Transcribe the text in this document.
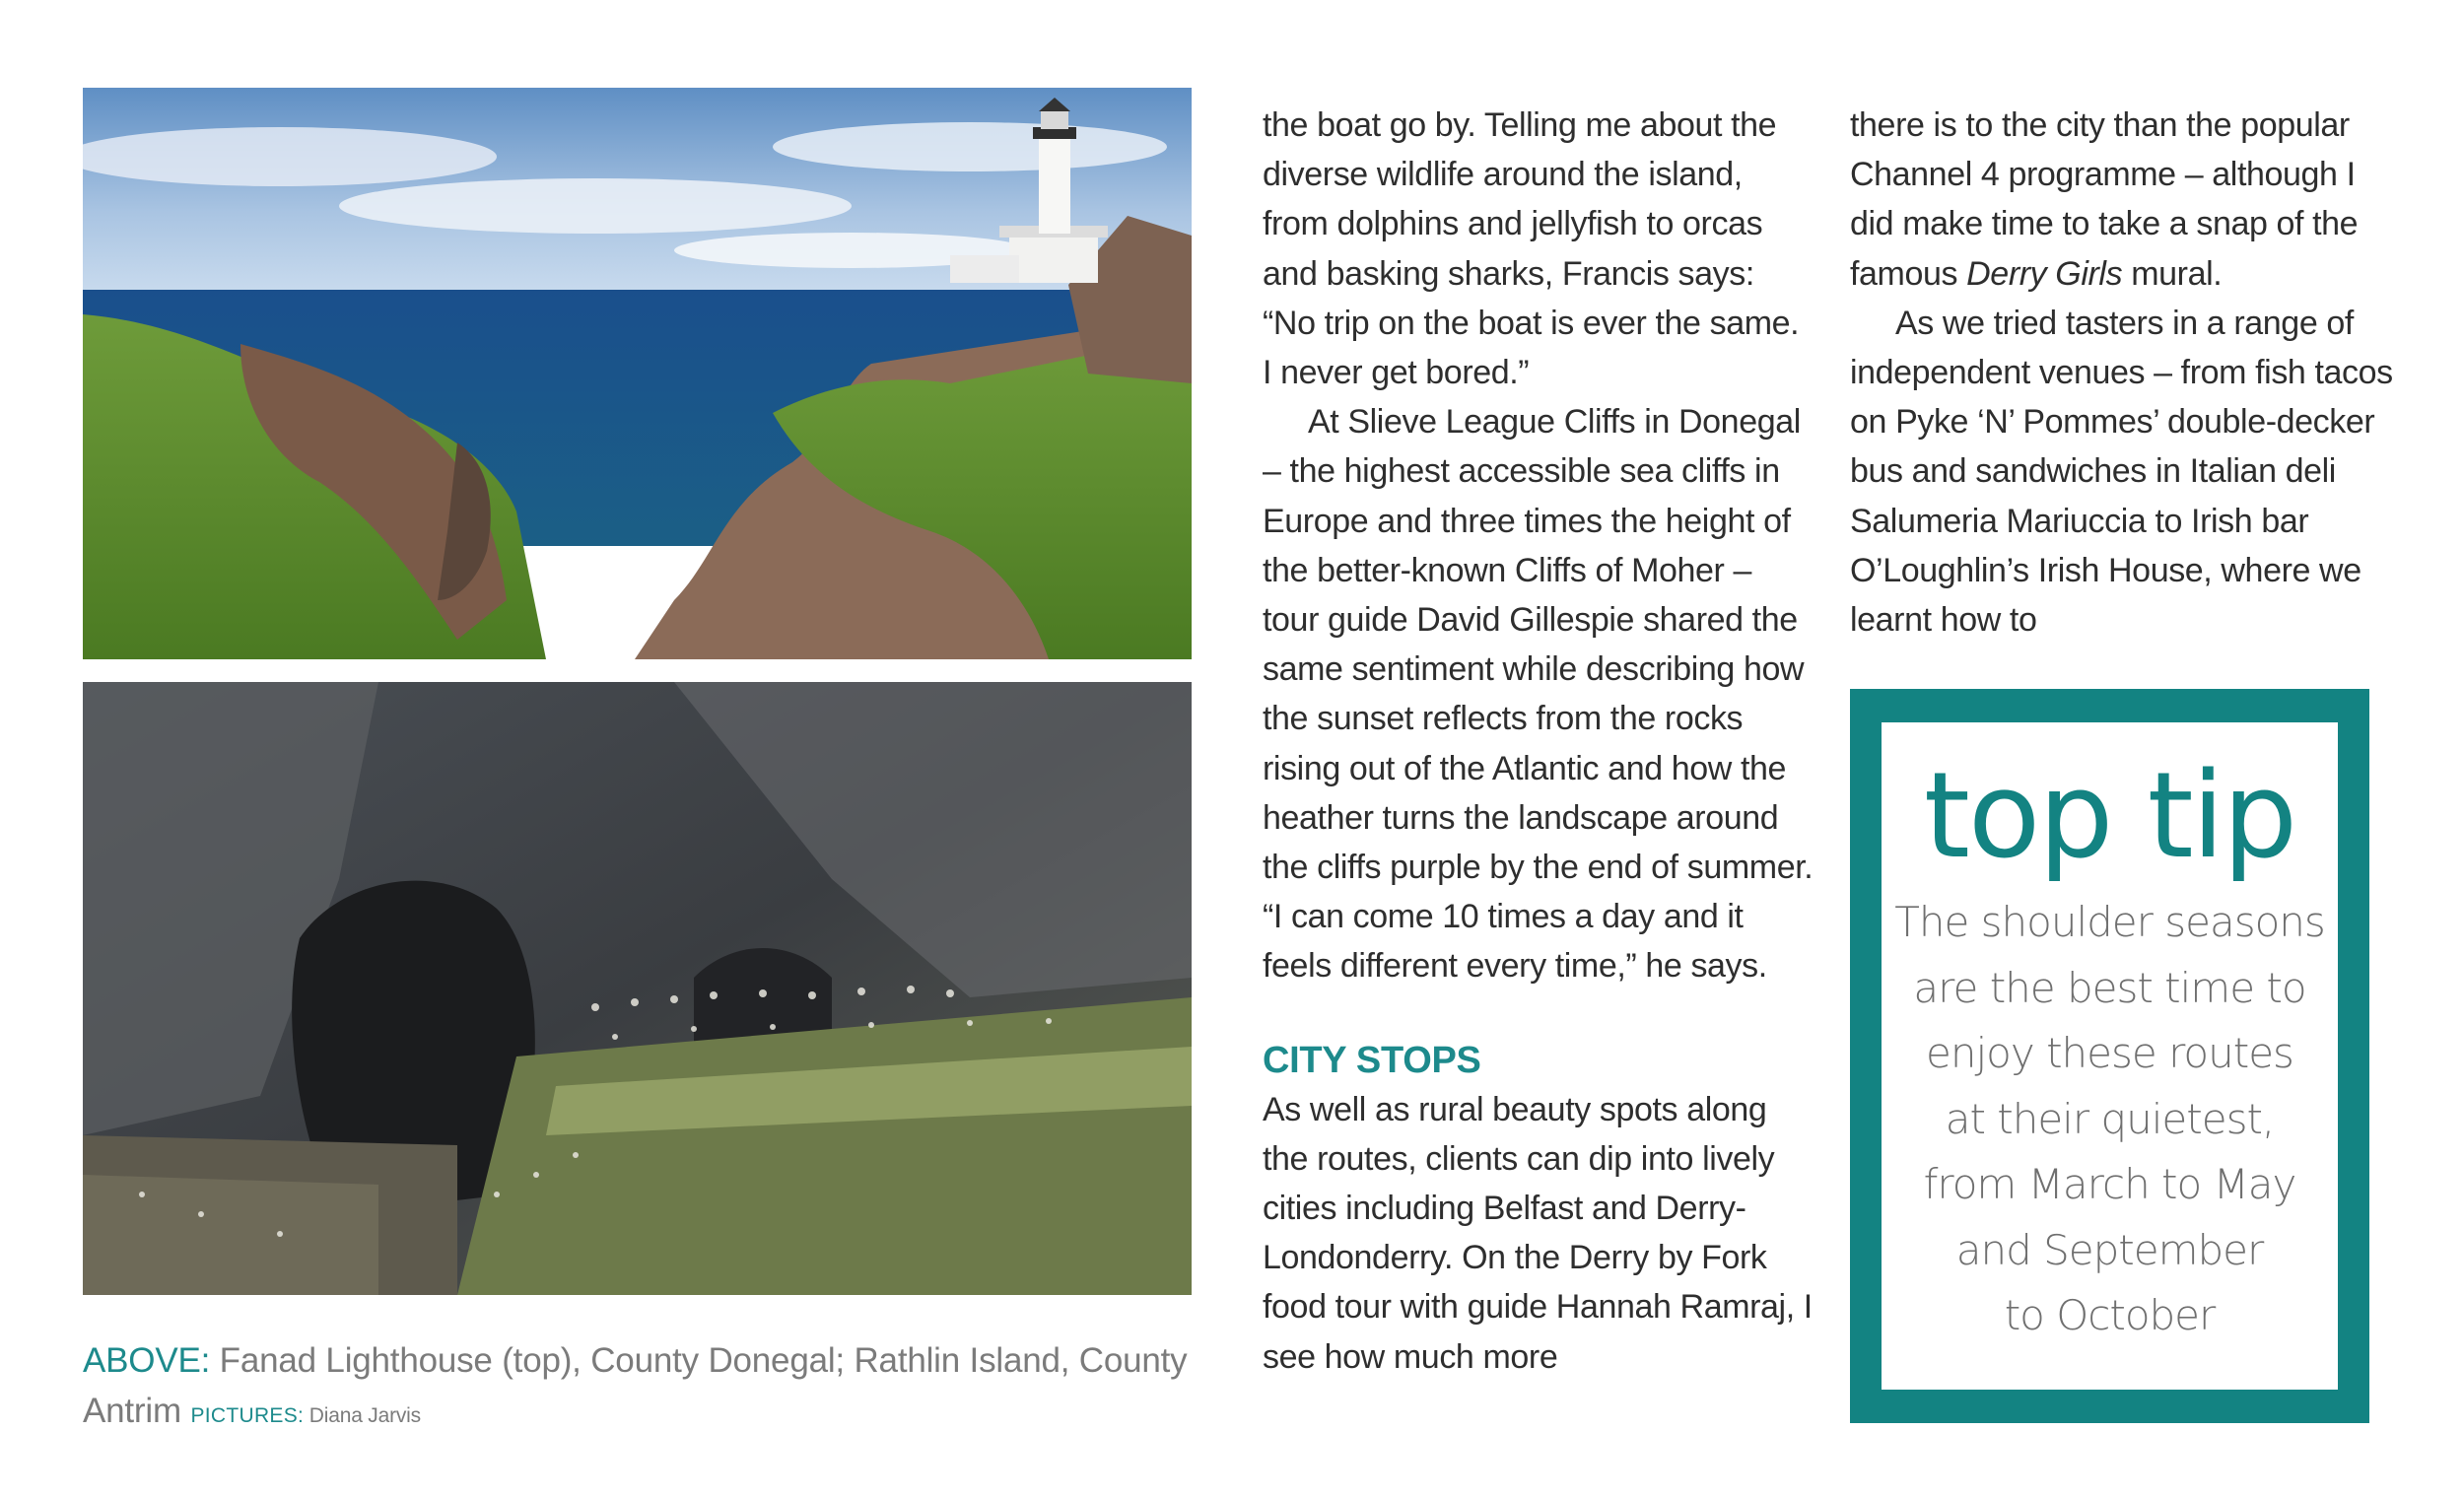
ABOVE: Fanad Lighthouse (top), County Donegal; Rathlin Island, County Antrim PICTURES: Diana Jarvis

the boat go by. Telling me about the diverse wildlife around the island, from dolphins and jellyfish to orcas and basking sharks, Francis says: “No trip on the boat is ever the same. I never get bored.”

At Slieve League Cliffs in Donegal – the highest accessible sea cliffs in Europe and three times the height of the better-known Cliffs of Moher – tour guide David Gillespie shared the same sentiment while describing how the sunset reflects from the rocks rising out of the Atlantic and how the heather turns the landscape around the cliffs purple by the end of summer. “I can come 10 times a day and it feels different every time,” he says.

CITY STOPS

As well as rural beauty spots along the routes, clients can dip into lively cities including Belfast and Derry-Londonderry. On the Derry by Fork food tour with guide Hannah Ramraj, I see how much more

there is to the city than the popular Channel 4 programme – although I did make time to take a snap of the famous Derry Girls mural.

As we tried tasters in a range of independent venues – from fish tacos on Pyke ‘N’ Pommes’ double-decker bus and sandwiches in Italian deli Salumeria Mariuccia to Irish bar O’Loughlin’s Irish House, where we learnt how to

top tip
The shoulder seasons
are the best time to
enjoy these routes
at their quietest,
from March to May
and September
to October
